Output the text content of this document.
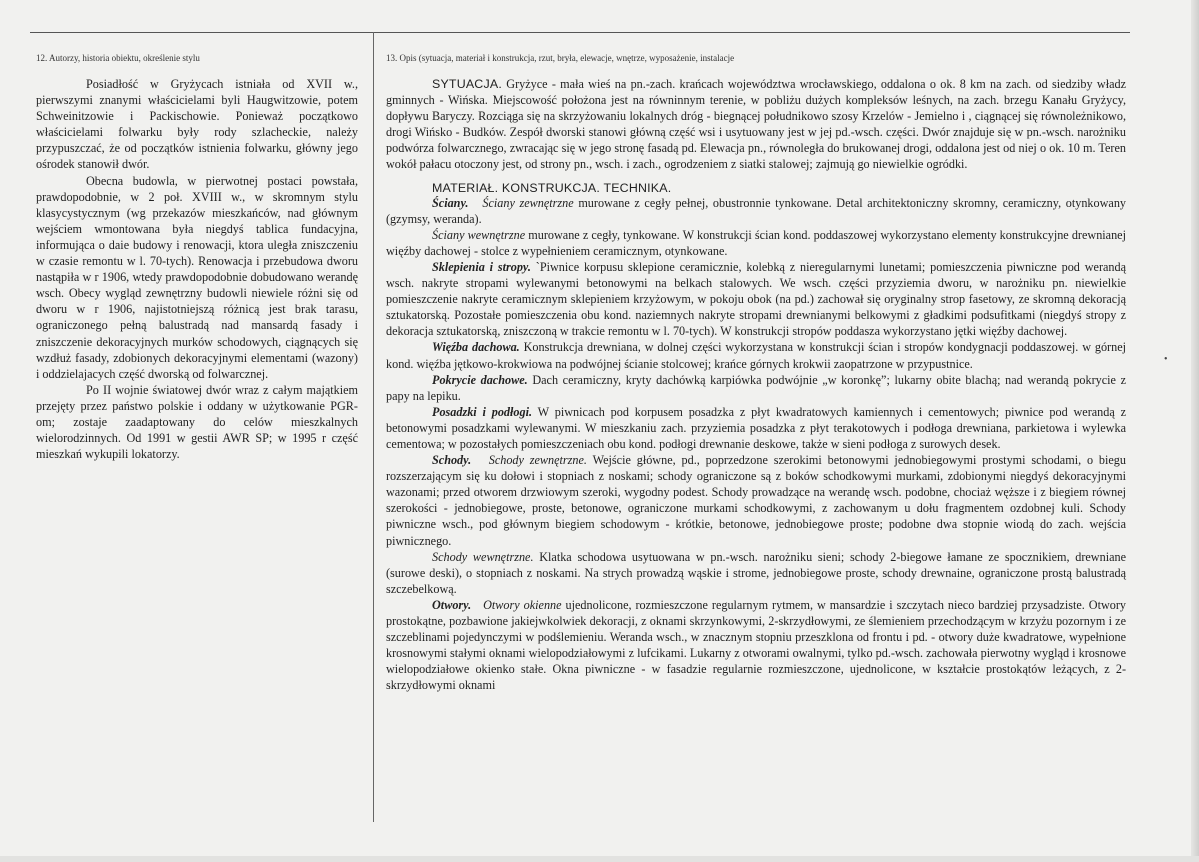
12. Autorzy, historia obiektu, określenie stylu

Posiadłość w Gryżycach istniała od XVII w., pierwszymi znanymi właścicielami byli Haugwitzowie, potem Schweinitzowie i Packischowie. Ponieważ początkowo właścicielami folwarku były rody szlacheckie, należy przypuszczać, że od początków istnienia folwarku, główny jego ośrodek stanowił dwór.

Obecna budowla, w pierwotnej postaci powstała, prawdopodobnie, w 2 poł. XVIII w., w skromnym stylu klasycystycznym (wg przekazów mieszkańców, nad głównym wejściem wmontowana była niegdyś tablica fundacyjna, informująca o daie budowy i renowacji, ktora uległa zniszczeniu w czasie remontu w l. 70-tych). Renowacja i przebudowa dworu nastąpiła w r 1906, wtedy prawdopodobnie dobudowano werandę wsch. Obecy wygląd zewnętrzny budowli niewiele różni się od dworu w r 1906, najistotniejszą różnicą jest brak tarasu, ograniczonego pełną balustradą nad mansardą fasady i zniszczenie dekoracyjnych murków schodowych, ciągnących się wzdłuż fasady, zdobionych dekoracyjnymi elementami (wazony) i oddzielajacych część dworską od folwarcznej.

Po II wojnie światowej dwór wraz z całym majątkiem przejęty przez państwo polskie i oddany w użytkowanie PGR-om; zostaje zaadaptowany do celów mieszkalnych wielorodzinnych. Od 1991 w gestii AWR SP; w 1995 r część mieszkań wykupili lokatorzy.

13. Opis (sytuacja, materiał i konstrukcja, rzut, bryła, elewacje, wnętrze, wyposażenie, instalacje

SYTUACJA. Gryżyce - mała wieś na pn.-zach. krańcach województwa wrocławskiego, oddalona o ok. 8 km na zach. od siedziby władz gminnych - Wińska. Miejscowość położona jest na równinnym terenie, w pobliżu dużych kompleksów leśnych, na zach. brzegu Kanału Gryżycy, dopływu Baryczy. Rozciąga się na skrzyżowaniu lokalnych dróg - biegnącej południkowo szosy Krzelów - Jemielno i , ciągnącej się równoleżnikowo, drogi Wińsko - Budków. Zespół dworski stanowi główną część wsi i usytuowany jest w jej pd.-wsch. części. Dwór znajduje się w pn.-wsch. narożniku podwórza folwarcznego, zwracając się w jego stronę fasadą pd. Elewacja pn., równoległa do brukowanej drogi, oddalona jest od niej o ok. 10 m. Teren wokół pałacu otoczony jest, od strony pn., wsch. i zach., ogrodzeniem z siatki stalowej; zajmują go niewielkie ogródki.

MATERIAŁ. KONSTRUKCJA. TECHNIKA.

Ściany. Ściany zewnętrzne murowane z cegły pełnej, obustronnie tynkowane. Detal architektoniczny skromny, ceramiczny, otynkowany (gzymsy, weranda).

Ściany wewnętrzne murowane z cegły, tynkowane. W konstrukcji ścian kond. poddaszowej wykorzystano elementy konstrukcyjne drewnianej więźby dachowej - stolce z wypełnieniem ceramicznym, otynkowane.

Sklepienia i stropy. `Piwnice korpusu sklepione ceramicznie, kolebką z nieregularnymi lunetami; pomieszczenia piwniczne pod werandą wsch. nakryte stropami wylewanymi betonowymi na belkach stalowych. We wsch. części przyziemia dworu, w narożniku pn. niewielkie pomieszczenie nakryte ceramicznym sklepieniem krzyżowym, w pokoju obok (na pd.) zachował się oryginalny strop fasetowy, ze skromną dekoracją sztukatorską. Pozostałe pomieszczenia obu kond. naziemnych nakryte stropami drewnianymi belkowymi z gładkimi podsufitkami (niegdyś stropy z dekoracja sztukatorską, zniszczoną w trakcie remontu w l. 70-tych). W konstrukcji stropów poddasza wykorzystano jętki więźby dachowej.

Więźba dachowa. Konstrukcja drewniana, w dolnej części wykorzystana w konstrukcji ścian i stropów kondygnacji poddaszowej. w górnej kond. więźba jętkowo-krokwiowa na podwójnej ścianie stolcowej; krańce górnych krokwii zaopatrzone w przypustnice.

Pokrycie dachowe. Dach ceramiczny, kryty dachówką karpiówka podwójnie „w koronkę”; lukarny obite blachą; nad werandą pokrycie z papy na lepiku.

Posadzki i podłogi. W piwnicach pod korpusem posadzka z płyt kwadratowych kamiennych i cementowych; piwnice pod werandą z betonowymi posadzkami wylewanymi. W mieszkaniu zach. przyziemia posadzka z płyt terakotowych i podłoga drewniana, parkietowa i wylewka cementowa; w pozostałych pomieszczeniach obu kond. podłogi drewnanie deskowe, także w sieni podłoga z surowych desek.

Schody. Schody zewnętrzne. Wejście główne, pd., poprzedzone szerokimi betonowymi jednobiegowymi prostymi schodami, o biegu rozszerzającym się ku dołowi i stopniach z noskami; schody ograniczone są z boków schodkowymi murkami, zdobionymi niegdyś dekoracyjnymi wazonami; przed otworem drzwiowym szeroki, wygodny podest. Schody prowadzące na werandę wsch. podobne, chociaż węższe i z biegiem równej szerokości - jednobiegowe, proste, betonowe, ograniczone murkami schodkowymi, z zachowanym u dołu fragmentem ozdobnej kuli. Schody piwniczne wsch., pod głównym biegiem schodowym - krótkie, betonowe, jednobiegowe proste; podobne dwa stopnie wiodą do zach. wejścia piwnicznego.

Schody wewnętrzne. Klatka schodowa usytuowana w pn.-wsch. narożniku sieni; schody 2-biegowe łamane ze spocznikiem, drewniane (surowe deski), o stopniach z noskami. Na strych prowadzą wąskie i strome, jednobiegowe proste, schody drewnaine, ograniczone prostą balustradą szczebelkową.

Otwory. Otwory okienne ujednolicone, rozmieszczone regularnym rytmem, w mansardzie i szczytach nieco bardziej przysadziste. Otwory prostokątne, pozbawione jakiejwkolwiek dekoracji, z oknami skrzynkowymi, 2-skrzydłowymi, ze ślemieniem przechodzącym w krzyżu pozornym i ze szczeblinami pojedynczymi w podślemieniu. Weranda wsch., w znacznym stopniu przeszklona od frontu i pd. - otwory duże kwadratowe, wypełnione krosnowymi stałymi oknami wielopodziałowymi z lufcikami. Lukarny z otworami owalnymi, tylko pd.-wsch. zachowała pierwotny wygląd i krosnowe wielopodziałowe okienko stałe. Okna piwniczne - w fasadzie regularnie rozmieszczone, ujednolicone, w kształcie prostokątów leżących, z 2-skrzydłowymi oknami

•
